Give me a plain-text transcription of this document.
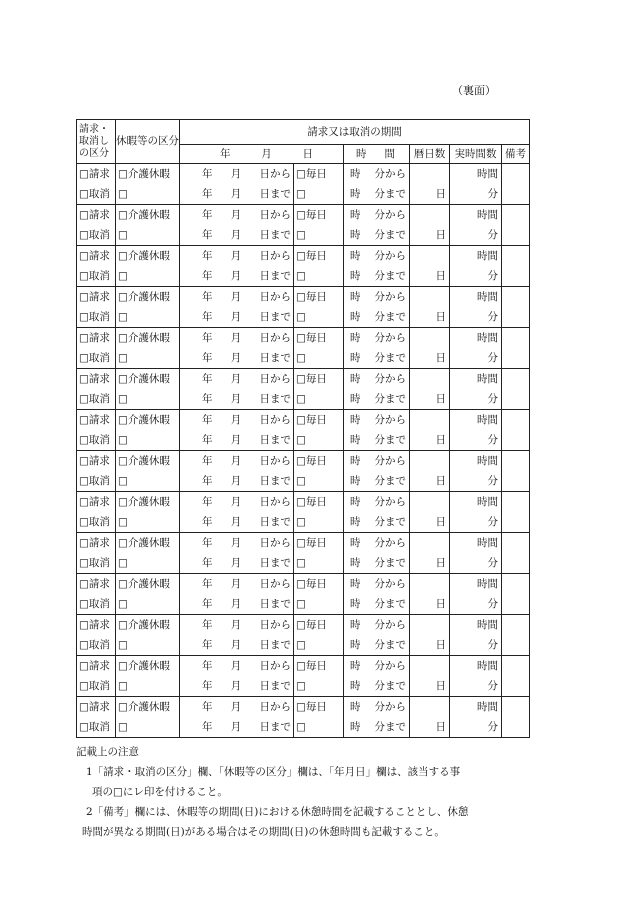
（裏面）
請求・取消しの区分	休暇等の区分	請求又は取消の期間					

		年 月 日		時 間	暦日数	実時間数	備考
□請求	□介護休暇	年 月 日から	□毎日	時 分から		時間	
□取消	□	年 月 日まで	□	時 分まで	日	分	
□請求	□介護休暇	年 月 日から	□毎日	時 分から		時間	
□取消	□	年 月 日まで	□	時 分まで	日	分	
□請求	□介護休暇	年 月 日から	□毎日	時 分から		時間	
□取消	□	年 月 日まで	□	時 分まで	日	分	
□請求	□介護休暇	年 月 日から	□毎日	時 分から		時間	
□取消	□	年 月 日まで	□	時 分まで	日	分	
□請求	□介護休暇	年 月 日から	□毎日	時 分から		時間	
□取消	□	年 月 日まで	□	時 分まで	日	分	
□請求	□介護休暇	年 月 日から	□毎日	時 分から		時間	
□取消	□	年 月 日まで	□	時 分まで	日	分	
□請求	□介護休暇	年 月 日から	□毎日	時 分から		時間	
□取消	□	年 月 日まで	□	時 分まで	日	分	
□請求	□介護休暇	年 月 日から	□毎日	時 分から		時間	
□取消	□	年 月 日まで	□	時 分まで	日	分	
□請求	□介護休暇	年 月 日から	□毎日	時 分から		時間	
□取消	□	年 月 日まで	□	時 分まで	日	分	
□請求	□介護休暇	年 月 日から	□毎日	時 分から		時間	
□取消	□	年 月 日まで	□	時 分まで	日	分	
□請求	□介護休暇	年 月 日から	□毎日	時 分から		時間	
□取消	□	年 月 日まで	□	時 分まで	日	分	
□請求	□介護休暇	年 月 日から	□毎日	時 分から		時間	
□取消	□	年 月 日まで	□	時 分まで	日	分	
□請求	□介護休暇	年 月 日から	□毎日	時 分から		時間	
□取消	□	年 月 日まで	□	時 分まで	日	分	
□請求	□介護休暇	年 月 日から	□毎日	時 分から		時間	
□取消	□	年 月 日まで	□	時 分まで	日	分	
記載上の注意
1「請求・取消の区分」欄、「休暇等の区分」欄は、「年月日」欄は、該当する事
項の□にレ印を付けること。
2「備考」欄には、休暇等の期間(日)における休憩時間を記載することとし、休憩
時間が異なる期間(日)がある場合はその期間(日)の休憩時間も記載すること。
